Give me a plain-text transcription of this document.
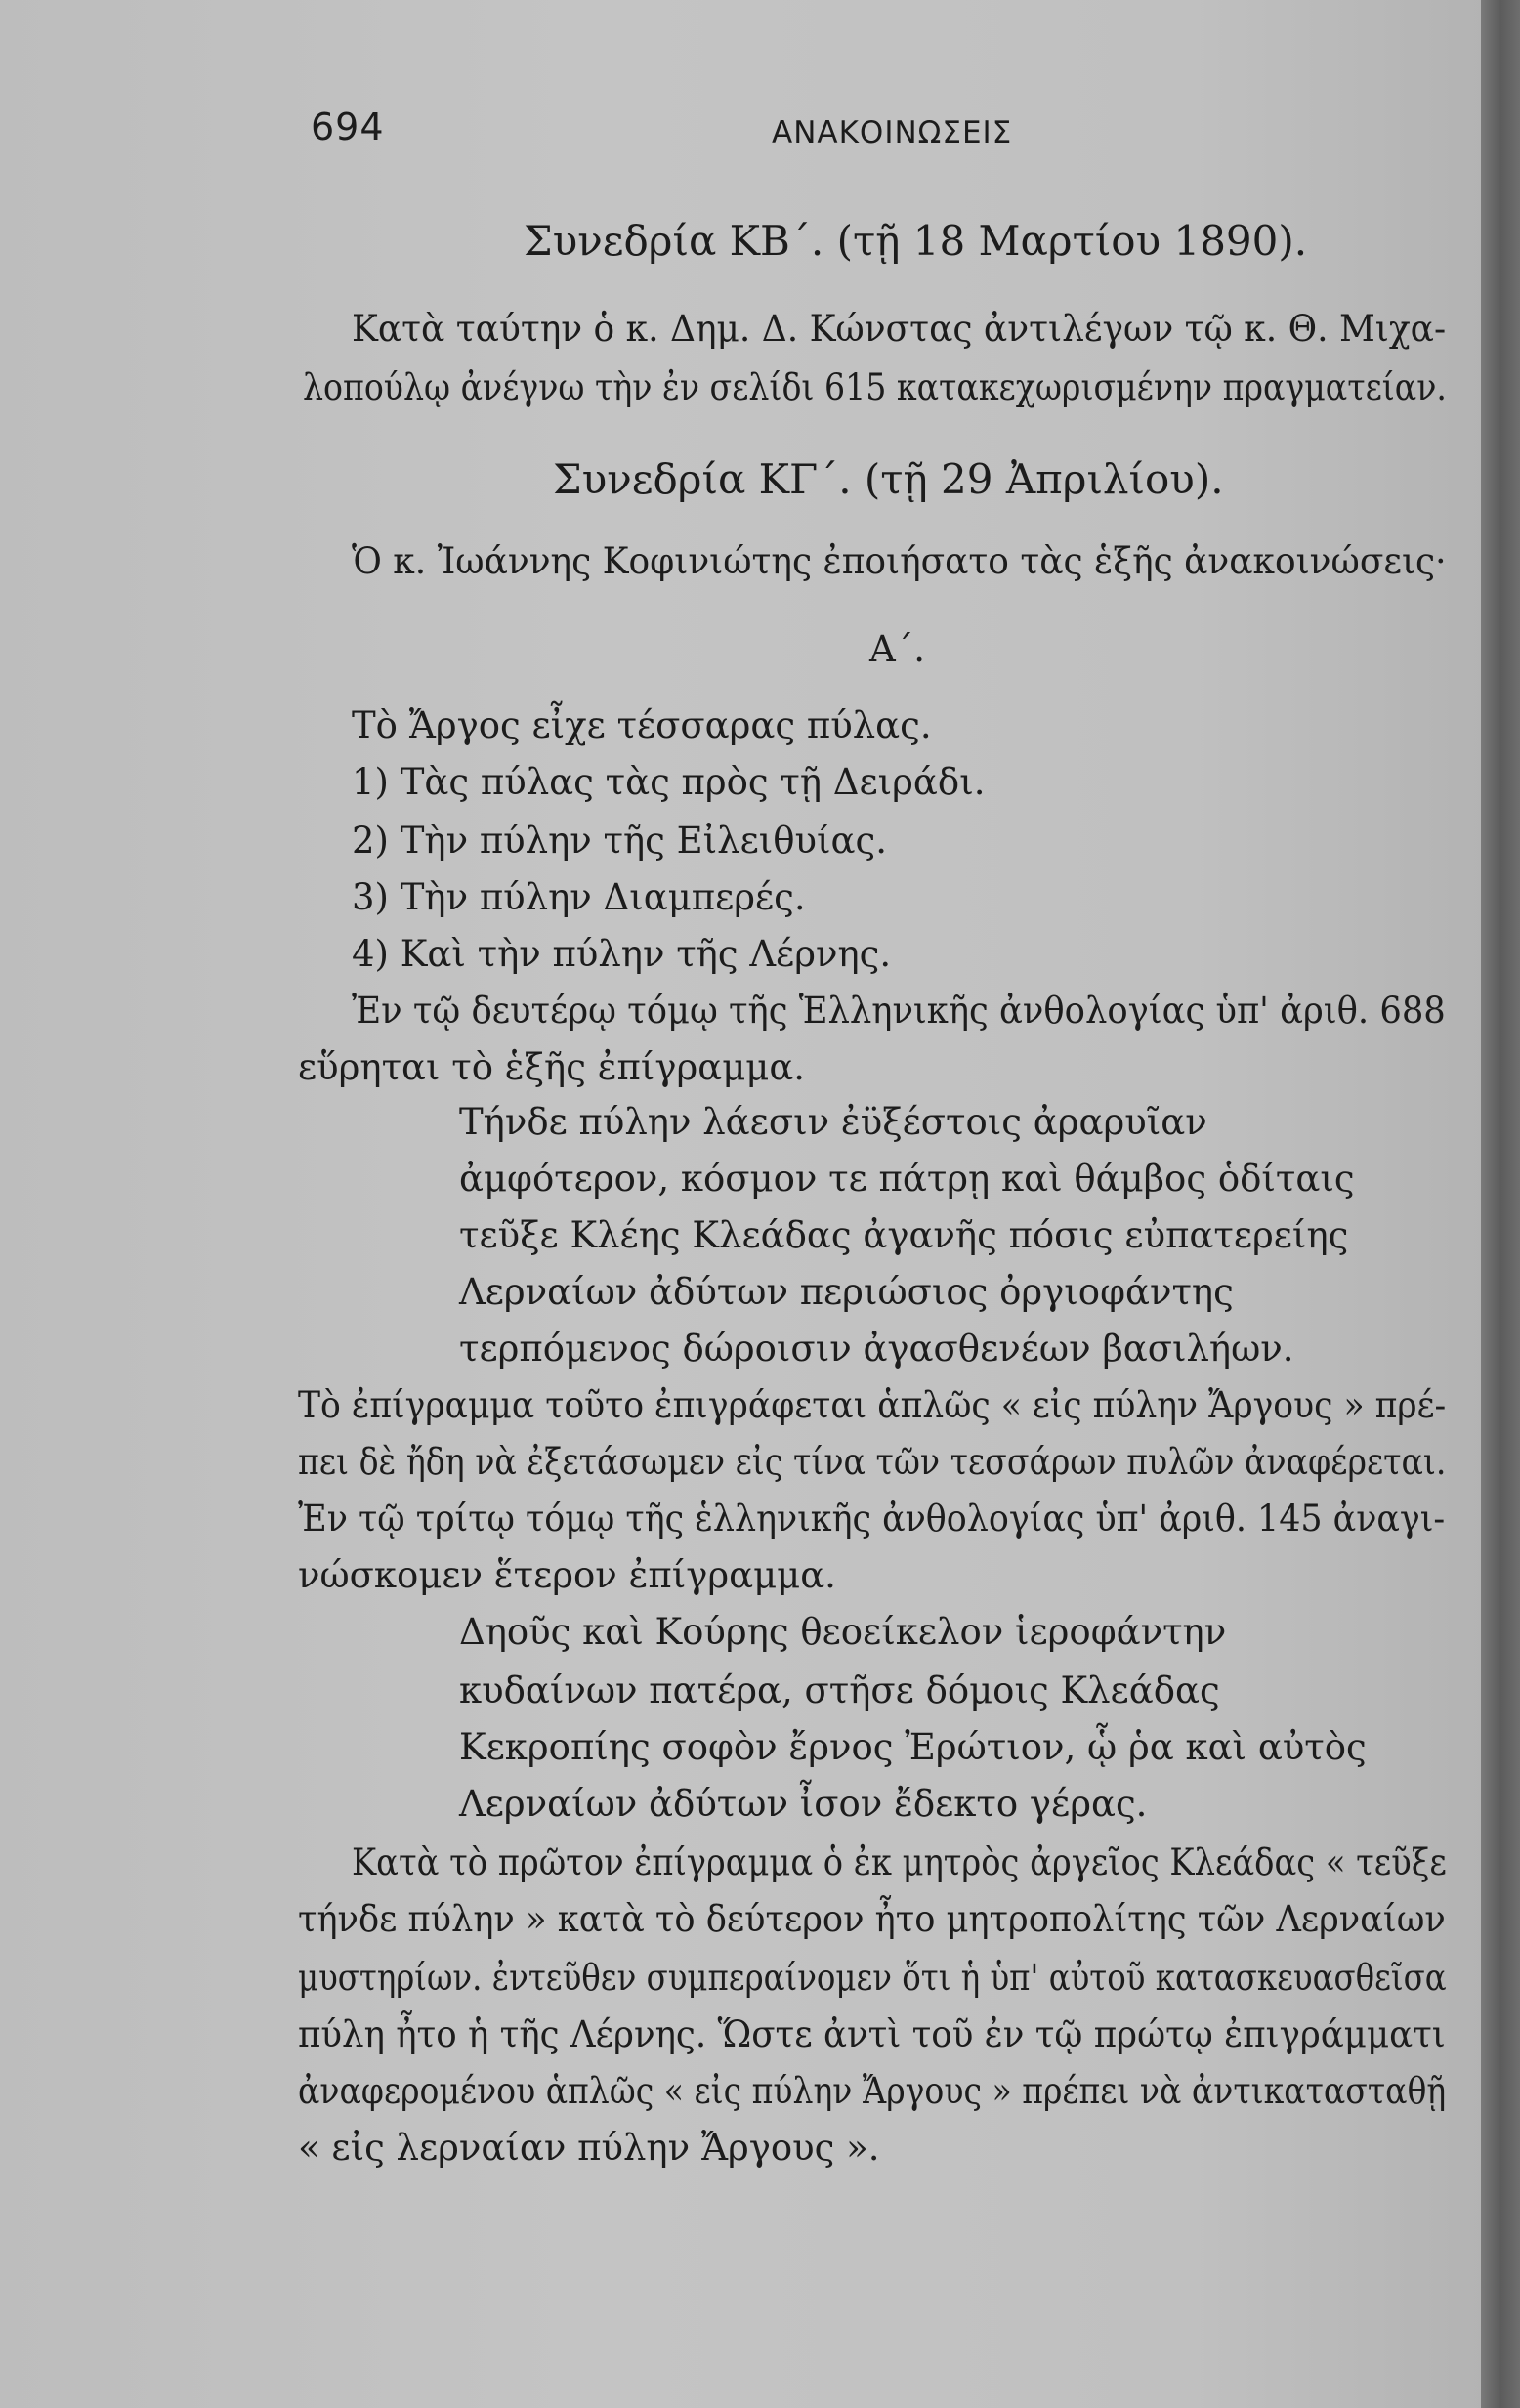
694	ΑΝΑΚΟΙΝΩΣΕΙΣ
Συνεδρία ΚΒ΄. (τῇ 18 Μαρτίου 1890).
Κατὰ ταύτην ὁ κ. Δημ. Δ. Κώνστας ἀντιλέγων τῷ κ. Θ. Μιχα-
λοπούλῳ ἀνέγνω τὴν ἐν σελίδι 615 κατακεχωρισμένην πραγματείαν.
Συνεδρία ΚΓ΄. (τῇ 29 Ἀπριλίου).
Ὁ κ. Ἰωάννης Κοφινιώτης ἐποιήσατο τὰς ἑξῆς ἀνακοινώσεις·
Α΄.
Τὸ Ἄργος εἶχε τέσσαρας πύλας.
1) Τὰς πύλας τὰς πρὸς τῇ Δειράδι.
2) Τὴν πύλην τῆς Εἰλειθυίας.
3) Τὴν πύλην Διαμπερές.
4) Καὶ τὴν πύλην τῆς Λέρνης.
Ἐν τῷ δευτέρῳ τόμῳ τῆς Ἑλληνικῆς ἀνθολογίας ὑπ' ἀριθ. 688
εὕρηται τὸ ἑξῆς ἐπίγραμμα.
Τήνδε πύλην λάεσιν ἐϋξέστοις ἀραρυῖαν
ἀμφότερον, κόσμον τε πάτρῃ καὶ θάμβος ὁδίταις
τεῦξε Κλέης Κλεάδας ἀγανῆς πόσις εὐπατερείης
Λερναίων ἀδύτων περιώσιος ὀργιοφάντης
τερπόμενος δώροισιν ἀγασθενέων βασιλήων.
Τὸ ἐπίγραμμα τοῦτο ἐπιγράφεται ἁπλῶς « εἰς πύλην Ἄργους » πρέ-
πει δὲ ἤδη νὰ ἐξετάσωμεν εἰς τίνα τῶν τεσσάρων πυλῶν ἀναφέρεται.
Ἐν τῷ τρίτῳ τόμῳ τῆς ἑλληνικῆς ἀνθολογίας ὑπ' ἀριθ. 145 ἀναγι-
νώσκομεν ἕτερον ἐπίγραμμα.
Δηοῦς καὶ Κούρης θεοείκελον ἱεροφάντην
κυδαίνων πατέρα, στῆσε δόμοις Κλεάδας
Κεκροπίης σοφὸν ἔρνος Ἐρώτιον, ᾧ ῥα καὶ αὐτὸς
Λερναίων ἀδύτων ἶσον ἔδεκτο γέρας.
Κατὰ τὸ πρῶτον ἐπίγραμμα ὁ ἐκ μητρὸς ἀργεῖος Κλεάδας « τεῦξε
τήνδε πύλην » κατὰ τὸ δεύτερον ἦτο μητροπολίτης τῶν Λερναίων
μυστηρίων. ἐντεῦθεν συμπεραίνομεν ὅτι ἡ ὑπ' αὐτοῦ κατασκευασθεῖσα
πύλη ἦτο ἡ τῆς Λέρνης. Ὥστε ἀντὶ τοῦ ἐν τῷ πρώτῳ ἐπιγράμματι
ἀναφερομένου ἁπλῶς « εἰς πύλην Ἄργους » πρέπει νὰ ἀντικατασταθῇ
« εἰς λερναίαν πύλην Ἄργους ».
